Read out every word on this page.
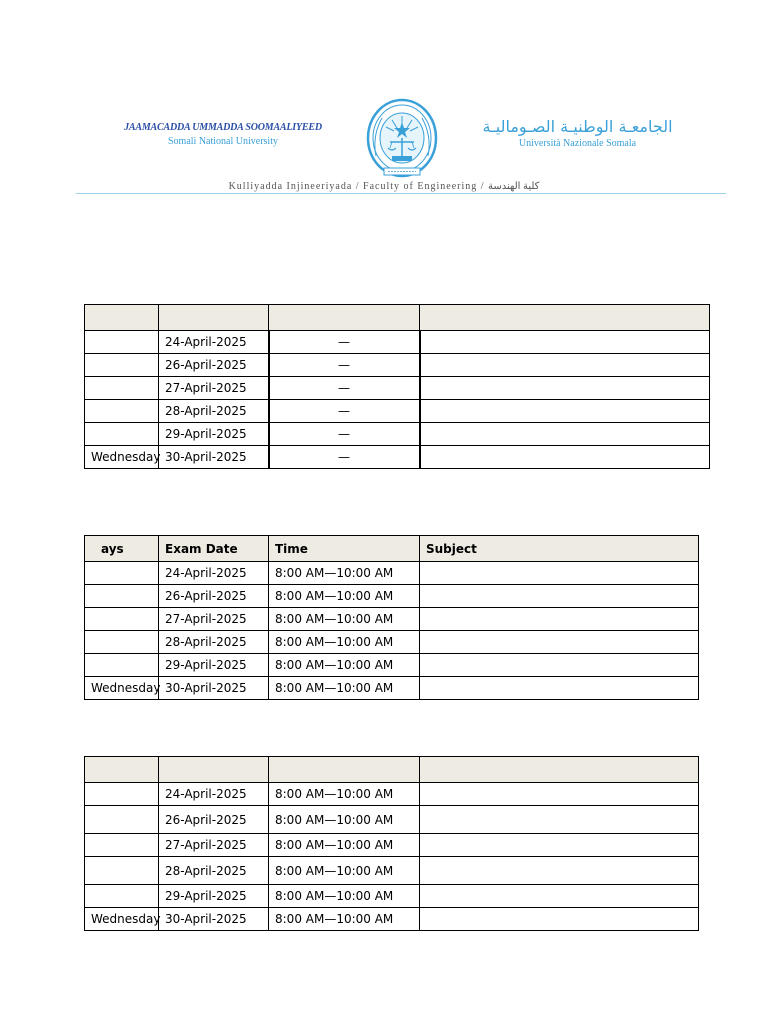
JAAMACADDA UMMADDA SOOMAALIYEED
Somali National University
الجامعـة الوطنيـة الصـوماليـة
Università Nazionale Somala
Kulliyadda Injineeriyada / Faculty of Engineering / كلية الهندسة

	24-April-2025	—	
	26-April-2025	—	
	27-April-2025	—	
	28-April-2025	—	
	29-April-2025	—	
Wednesday	30-April-2025	—	
ays	Exam Date	Time	Subject
	24-April-2025	8:00 AM—10:00 AM	
	26-April-2025	8:00 AM—10:00 AM	
	27-April-2025	8:00 AM—10:00 AM	
	28-April-2025	8:00 AM—10:00 AM	
	29-April-2025	8:00 AM—10:00 AM	
Wednesday	30-April-2025	8:00 AM—10:00 AM	

	24-April-2025	8:00 AM—10:00 AM	
	26-April-2025	8:00 AM—10:00 AM	
	27-April-2025	8:00 AM—10:00 AM	
	28-April-2025	8:00 AM—10:00 AM	
	29-April-2025	8:00 AM—10:00 AM	
Wednesday	30-April-2025	8:00 AM—10:00 AM	
